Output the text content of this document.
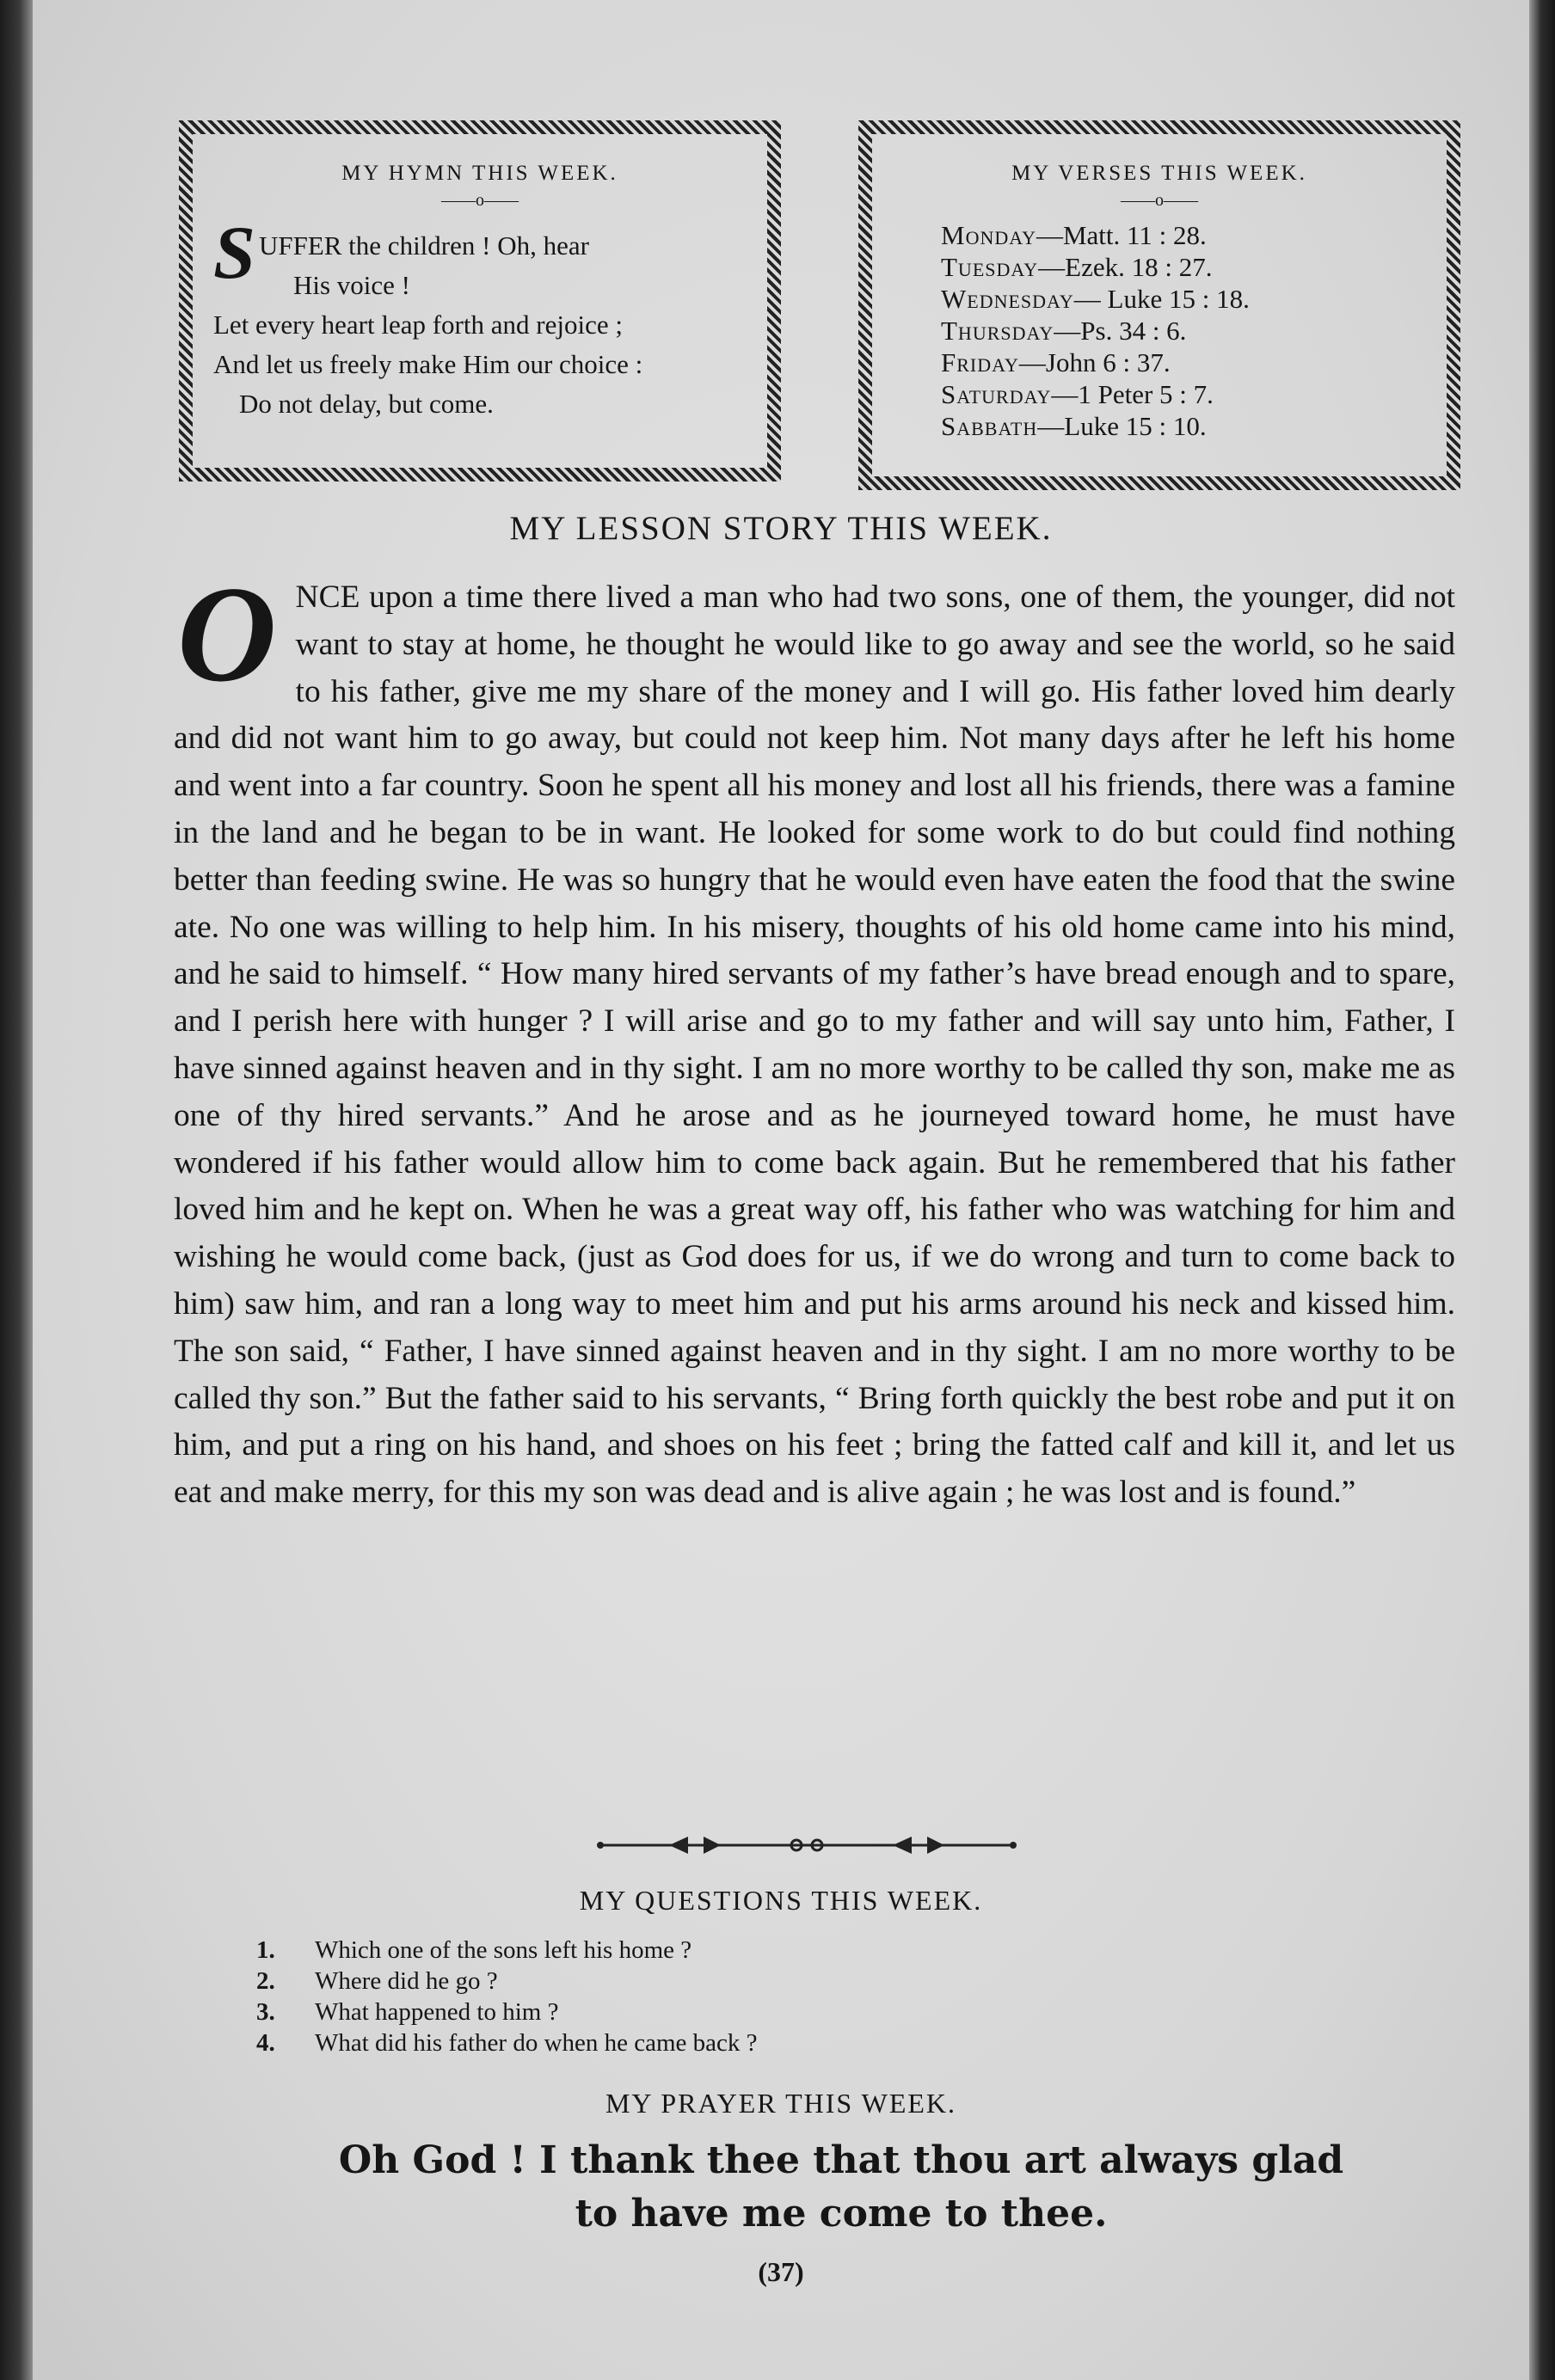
MY HYMN THIS WEEK.
——o——
S UFFER the children ! Oh, hear
His voice !
Let every heart leap forth and rejoice ;
And let us freely make Him our choice :
Do not delay, but come.
MY VERSES THIS WEEK.
——o——
Monday—Matt. 11 : 28.
Tuesday—Ezek. 18 : 27.
Wednesday— Luke 15 : 18.
Thursday—Ps. 34 : 6.
Friday—John 6 : 37.
Saturday—1 Peter 5 : 7.
Sabbath—Luke 15 : 10.
MY LESSON STORY THIS WEEK.
O NCE upon a time there lived a man who had two sons, one of them, the younger, did not want to stay at home, he thought he would like to go away and see the world, so he said to his father, give me my share of the money and I will go. His father loved him dearly and did not want him to go away, but could not keep him. Not many days after he left his home and went into a far country. Soon he spent all his money and lost all his friends, there was a famine in the land and he began to be in want. He looked for some work to do but could find nothing better than feeding swine. He was so hungry that he would even have eaten the food that the swine ate. No one was willing to help him. In his misery, thoughts of his old home came into his mind, and he said to himself. “ How many hired servants of my father’s have bread enough and to spare, and I perish here with hunger ? I will arise and go to my father and will say unto him, Father, I have sinned against heaven and in thy sight. I am no more worthy to be called thy son, make me as one of thy hired servants.” And he arose and as he journeyed toward home, he must have wondered if his father would allow him to come back again. But he remembered that his father loved him and he kept on. When he was a great way off, his father who was watching for him and wishing he would come back, (just as God does for us, if we do wrong and turn to come back to him) saw him, and ran a long way to meet him and put his arms around his neck and kissed him. The son said, “ Father, I have sinned against heaven and in thy sight. I am no more worthy to be called thy son.” But the father said to his servants, “ Bring forth quickly the best robe and put it on him, and put a ring on his hand, and shoes on his feet ; bring the fatted calf and kill it, and let us eat and make merry, for this my son was dead and is alive again ; he was lost and is found.”
MY QUESTIONS THIS WEEK.
1.	Which one of the sons left his home ?
2.	Where did he go ?
3.	What happened to him ?
4.	What did his father do when he came back ?
MY PRAYER THIS WEEK.
Oh God ! I thank thee that thou art always glad
to have me come to thee.
(37)
